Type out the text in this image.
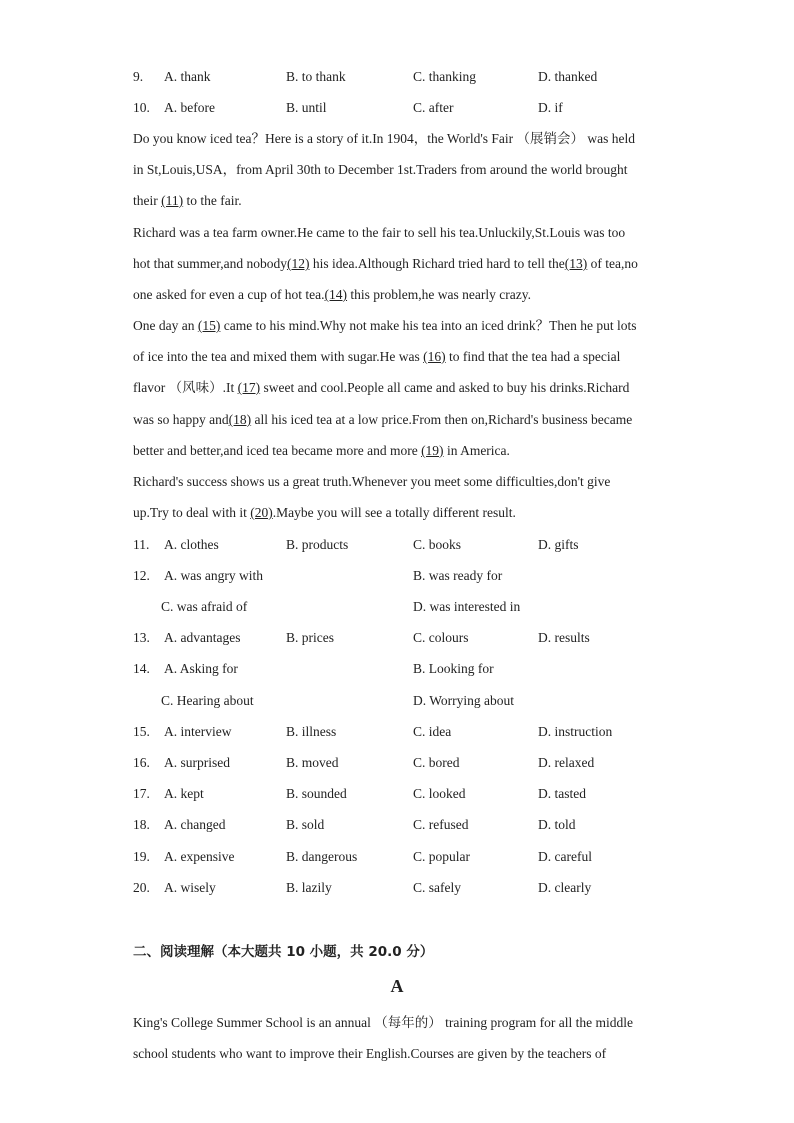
9. A. thank	B. to thank	C. thanking	D. thanked
10. A. before	B. until	C. after	D. if
Do you know iced tea？Here is a story of it.In 1904，the World's Fair （展销会） was held
in St,Louis,USA，from April 30th to December 1st.Traders from around the world brought
their (11) to the fair.
Richard was a tea farm owner.He came to the fair to sell his tea.Unluckily,St.Louis was too
hot that summer,and nobody(12) his idea.Although Richard tried hard to tell the(13) of tea,no
one asked for even a cup of hot tea.(14) this problem,he was nearly crazy.
One day an (15) came to his mind.Why not make his tea into an iced drink？Then he put lots
of ice into the tea and mixed them with sugar.He was (16) to find that the tea had a special
flavor （风味）.It (17) sweet and cool.People all came and asked to buy his drinks.Richard
was so happy and(18) all his iced tea at a low price.From then on,Richard's business became
better and better,and iced tea became more and more (19) in America.
Richard's success shows us a great truth.Whenever you meet some difficulties,don't give
up.Try to deal with it (20).Maybe you will see a totally different result.
11. A. clothes	B. products	C. books	D. gifts
12. A. was angry with	B. was ready for
C. was afraid of	D. was interested in
13. A. advantages	B. prices	C. colours	D. results
14. A. Asking for	B. Looking for
C. Hearing about	D. Worrying about
15. A. interview	B. illness	C. idea	D. instruction
16. A. surprised	B. moved	C. bored	D. relaxed
17. A. kept	B. sounded	C. looked	D. tasted
18. A. changed	B. sold	C. refused	D. told
19. A. expensive	B. dangerous	C. popular	D. careful
20. A. wisely	B. lazily	C. safely	D. clearly
二、阅读理解（本大题共 10 小题，共 20.0 分）
A
King's College Summer School is an annual （每年的） training program for all the middle
school students who want to improve their English.Courses are given by the teachers of
